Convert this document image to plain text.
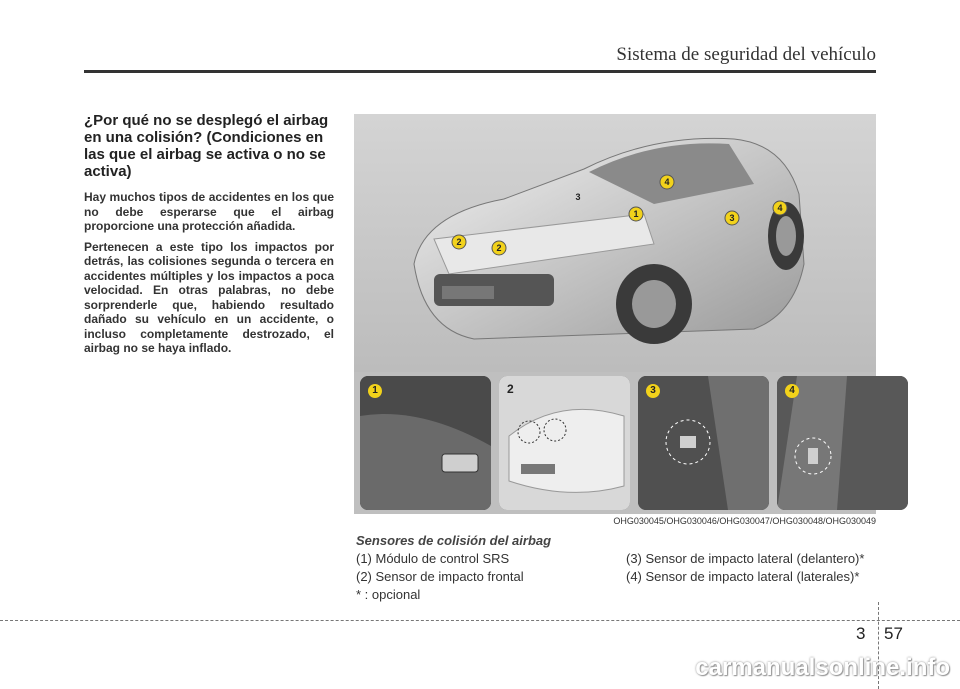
Sistema de seguridad del vehículo
¿Por qué no se desplegó el airbag en una colisión? (Condiciones en las que el airbag se activa o no se activa)

Hay muchos tipos de accidentes en los que no debe esperarse que el airbag proporcione una protección añadida.

Pertenecen a este tipo los impactos por detrás, las colisiones segunda o tercera en accidentes múltiples y los impactos a poca velocidad. En otras palabras, no debe sorprenderle que, habiendo resultado dañado su vehículo en un accidente, o incluso completamente destrozado, el airbag no se haya inflado.

2
2
1
3
3
4
4
1	2	3	4
OHG030045/OHG030046/OHG030047/OHG030048/OHG030049
Sensores de colisión del airbag
(1) Módulo de control SRS	(3) Sensor de impacto lateral (delantero)*
(2) Sensor de impacto frontal	(4) Sensor de impacto lateral (laterales)*
* : opcional
3 57
carmanualsonline.info
